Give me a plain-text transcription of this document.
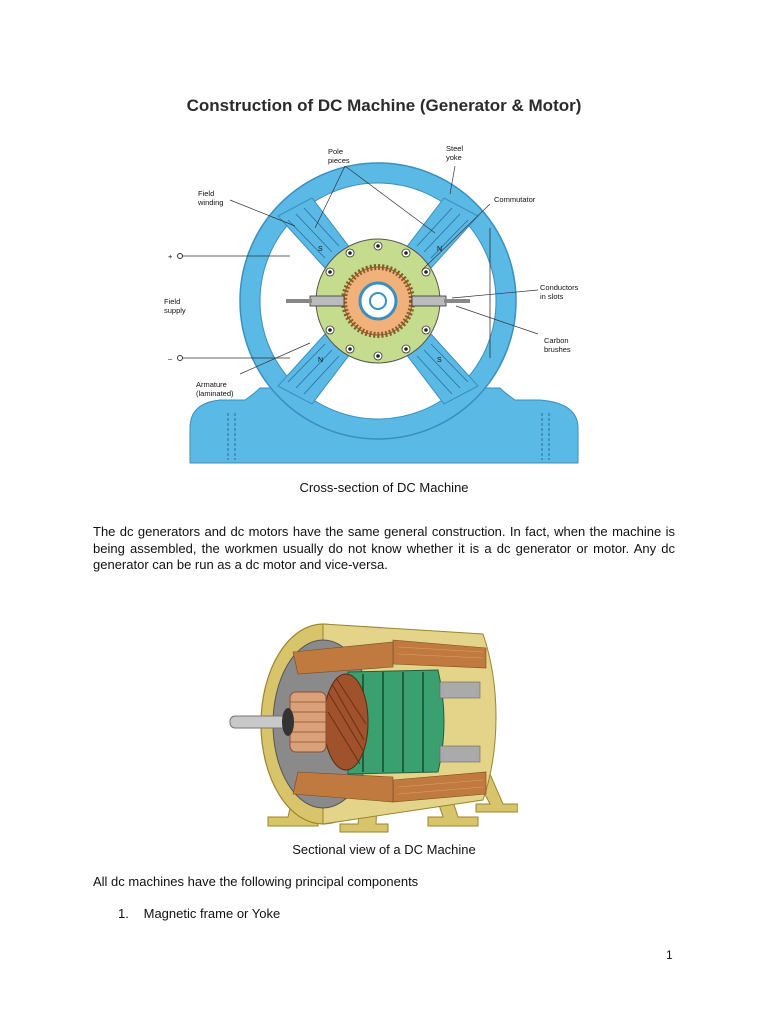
Construction of DC Machine (Generator & Motor)
S	N
N	S
Pole
pieces
Steel
yoke
Field
winding	Commutator
+
–
Field
supply
Conductors
in slots
Carbon
brushes
Armature
(laminated)
Cross-section of DC Machine
The dc generators and dc motors have the same general construction. In fact, when the machine is being assembled, the workmen usually do not know whether it is a dc generator or motor. Any dc generator can be run as a dc motor and vice-versa.
Sectional view of a DC Machine
All dc machines have the following principal components
1. Magnetic frame or Yoke
1
